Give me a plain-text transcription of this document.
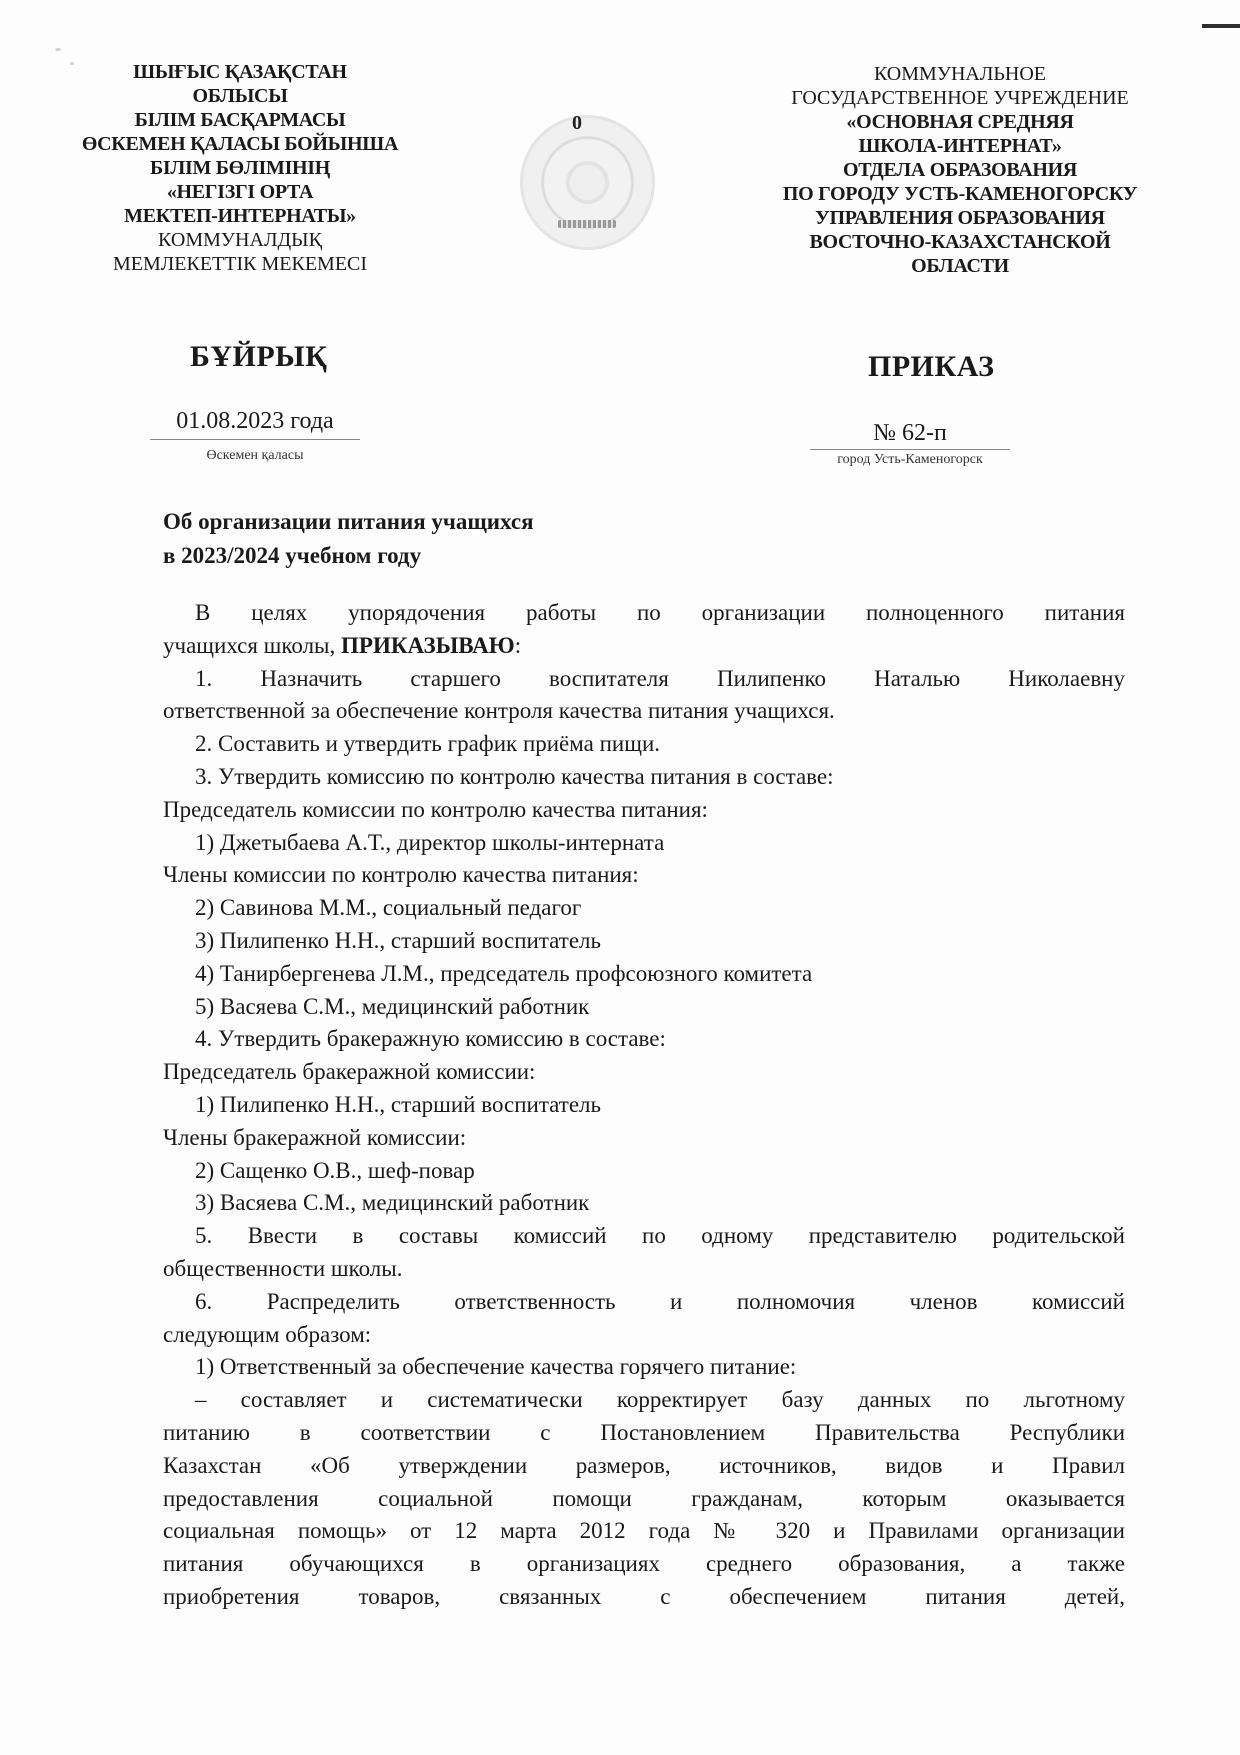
ШЫҒЫС ҚАЗАҚСТАН
ОБЛЫСЫ
БІЛІМ БАСҚАРМАСЫ
ӨСКЕМЕН ҚАЛАСЫ БОЙЫНША
БІЛІМ БӨЛІМІНІҢ
«НЕГІЗГІ ОРТА
МЕКТЕП-ИНТЕРНАТЫ»
КОММУНАЛДЫҚ
МЕМЛЕКЕТТІК МЕКЕМЕСІ
0
КОММУНАЛЬНОЕ
ГОСУДАРСТВЕННОЕ УЧРЕЖДЕНИЕ
«ОСНОВНАЯ СРЕДНЯЯ
ШКОЛА-ИНТЕРНАТ»
ОТДЕЛА ОБРАЗОВАНИЯ
ПО ГОРОДУ УСТЬ-КАМЕНОГОРСКУ
УПРАВЛЕНИЯ ОБРАЗОВАНИЯ
ВОСТОЧНО-КАЗАХСТАНСКОЙ
ОБЛАСТИ
БҰЙРЫҚ	ПРИКАЗ
01.08.2023 года
Өскемен қаласы
№ 62-п
город Усть-Каменогорск
Об организации питания учащихся
в 2023/2024 учебном году

В целях упорядочения работы по организации полноценного питания

учащихся школы, ПРИКАЗЫВАЮ:

1. Назначить старшего воспитателя Пилипенко Наталью Николаевну

ответственной за обеспечение контроля качества питания учащихся.

2. Составить и утвердить график приёма пищи.

3. Утвердить комиссию по контролю качества питания в составе:

Председатель комиссии по контролю качества питания:

1) Джетыбаева А.Т., директор школы-интерната

Члены комиссии по контролю качества питания:

2) Савинова М.М., социальный педагог

3) Пилипенко Н.Н., старший воспитатель

4) Танирбергенева Л.М., председатель профсоюзного комитета

5) Васяева С.М., медицинский работник

4. Утвердить бракеражную комиссию в составе:

Председатель бракеражной комиссии:

1) Пилипенко Н.Н., старший воспитатель

Члены бракеражной комиссии:

2) Сащенко О.В., шеф-повар

3) Васяева С.М., медицинский работник

5. Ввести в составы комиссий по одному представителю родительской

общественности школы.

6. Распределить ответственность и полномочия членов комиссий

следующим образом:

1) Ответственный за обеспечение качества горячего питание:

– составляет и систематически корректирует базу данных по льготному

питанию в соответствии с Постановлением Правительства Республики

Казахстан «Об утверждении размеров, источников, видов и Правил

предоставления социальной помощи гражданам, которым оказывается

социальная помощь» от 12 марта 2012 года № 320 и Правилами организации

питания обучающихся в организациях среднего образования, а также

приобретения товаров, связанных с обеспечением питания детей,
